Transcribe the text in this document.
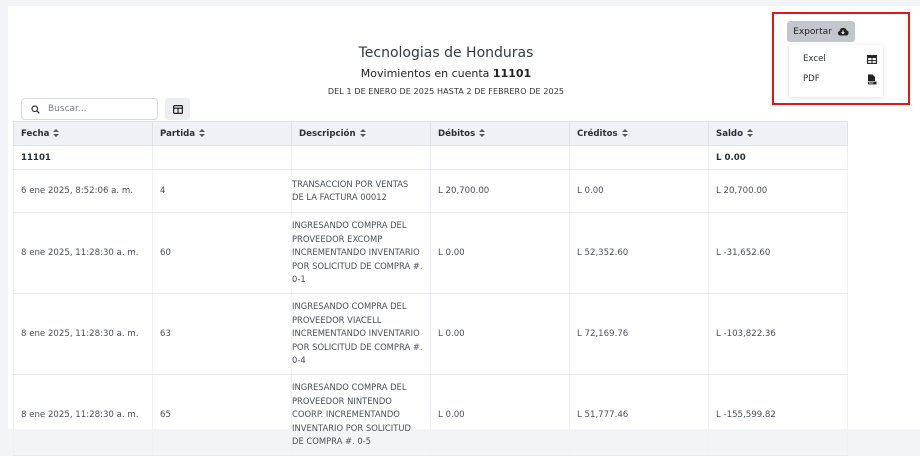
Tecnologias de Honduras
Movimientos en cuenta 11101
DEL 1 DE ENERO DE 2025 HASTA 2 DE FEBRERO DE 2025
Buscar...
Fecha	Partida	Descripción	Débitos	Créditos	Saldo
11101					L 0.00
6 ene 2025, 8:52:06 a. m.	4	TRANSACCION POR VENTAS
DE LA FACTURA 00012	L 20,700.00	L 0.00	L 20,700.00
8 ene 2025, 11:28:30 a. m.	60	INGRESANDO COMPRA DEL
PROVEEDOR EXCOMP
INCREMENTANDO INVENTARIO
POR SOLICITUD DE COMPRA #.
0-1	L 0.00	L 52,352.60	L -31,652.60
8 ene 2025, 11:28:30 a. m.	63	INGRESANDO COMPRA DEL
PROVEEDOR VIACELL
INCREMENTANDO INVENTARIO
POR SOLICITUD DE COMPRA #.
0-4	L 0.00	L 72,169.76	L -103,822.36
8 ene 2025, 11:28:30 a. m.	65	INGRESANDO COMPRA DEL
PROVEEDOR NINTENDO
COORP. INCREMENTANDO
INVENTARIO POR SOLICITUD
DE COMPRA #. 0-5	L 0.00	L 51,777.46	L -155,599.82
Exportar
Excel
PDF	PDF
